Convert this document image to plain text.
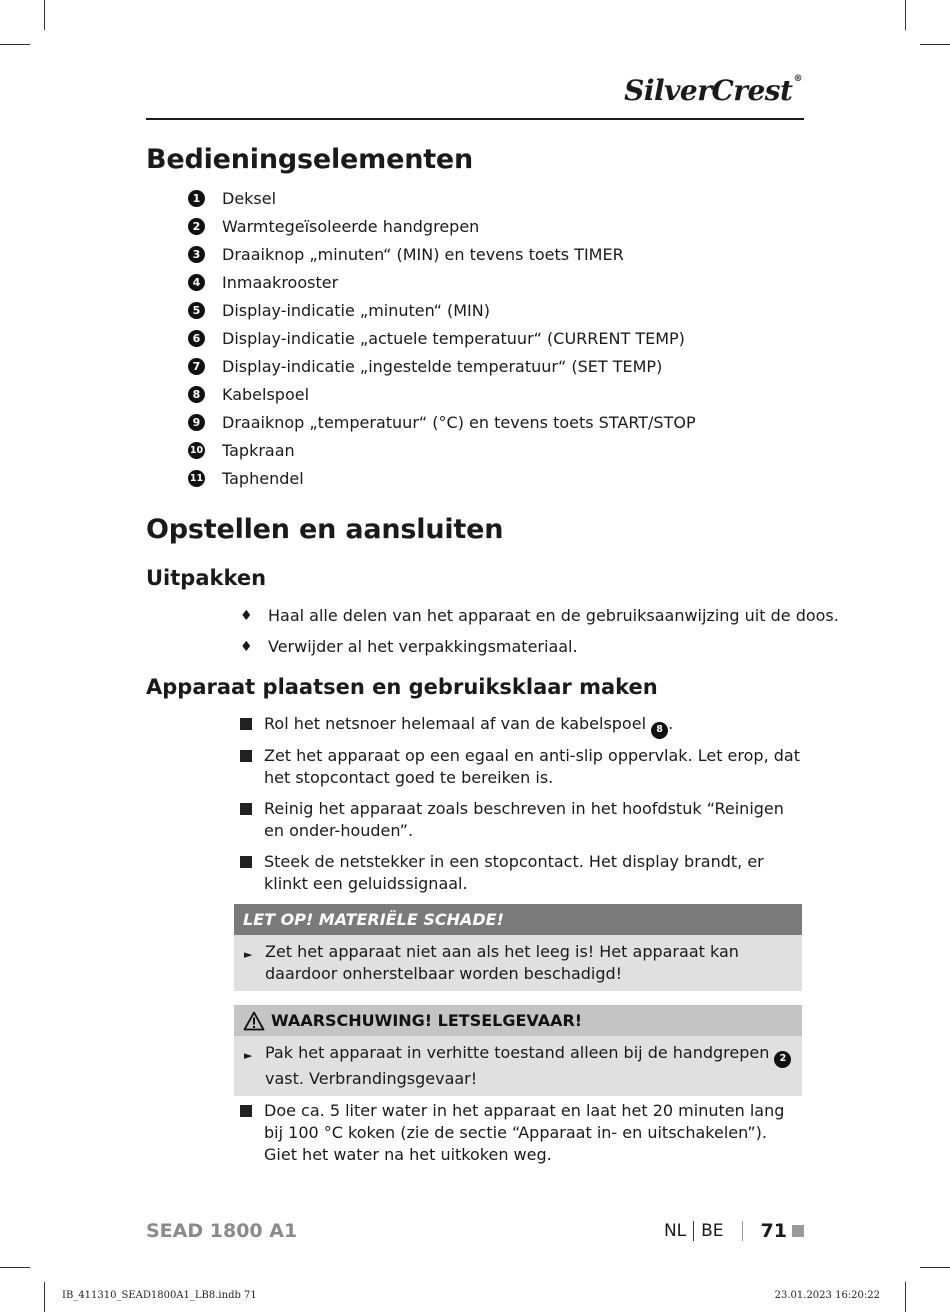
SilverCrest®
Bedieningselementen
1 Deksel
2 Warmtegeïsoleerde handgrepen
3 Draaiknop „minuten“ (MIN) en tevens toets TIMER
4 Inmaakrooster
5 Display-indicatie „minuten“ (MIN)
6 Display-indicatie „actuele temperatuur“ (CURRENT TEMP)
7 Display-indicatie „ingestelde temperatuur“ (SET TEMP)
8 Kabelspoel
9 Draaiknop „temperatuur“ (°C) en tevens toets START/STOP
10 Tapkraan
11 Taphendel
Opstellen en aansluiten
Uitpakken
♦ Haal alle delen van het apparaat en de gebruiksaanwijzing uit de doos.
♦ Verwijder al het verpakkingsmateriaal.
Apparaat plaatsen en gebruiksklaar maken
Rol het netsnoer helemaal af van de kabelspoel 8 .
Zet het apparaat op een egaal en anti-slip oppervlak. Let erop, dat het stopcontact goed te bereiken is.
Reinig het apparaat zoals beschreven in het hoofdstuk “Reinigen en onder-houden”.
Steek de netstekker in een stopcontact. Het display brandt, er klinkt een geluidssignaal.
LET OP! MATERIËLE SCHADE!
► Zet het apparaat niet aan als het leeg is! Het apparaat kan daardoor onherstelbaar worden beschadigd!
WAARSCHUWING! LETSELGEVAAR!
► Pak het apparaat in verhitte toestand alleen bij de handgrepen 2 vast. Verbrandingsgevaar!
Doe ca. 5 liter water in het apparaat en laat het 20 minuten lang bij 100 °C koken (zie de sectie “Apparaat in- en uitschakelen”). Giet het water na het uitkoken weg.
SEAD 1800 A1	NL BE 71
IB_411310_SEAD1800A1_LB8.indb 71	23.01.2023 16:20:22
